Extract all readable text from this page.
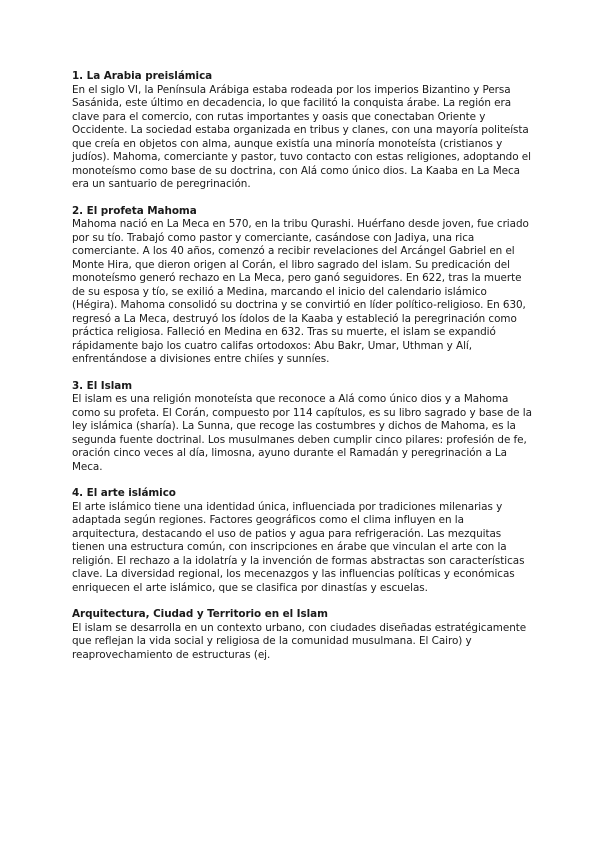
1. La Arabia preislámica

En el siglo VI, la Península Arábiga estaba rodeada por los imperios Bizantino y Persa Sasánida, este último en decadencia, lo que facilitó la conquista árabe. La región era clave para el comercio, con rutas importantes y oasis que conectaban Oriente y Occidente. La sociedad estaba organizada en tribus y clanes, con una mayoría politeísta que creía en objetos con alma, aunque existía una minoría monoteísta (cristianos y judíos). Mahoma, comerciante y pastor, tuvo contacto con estas religiones, adoptando el monoteísmo como base de su doctrina, con Alá como único dios. La Kaaba en La Meca era un santuario de peregrinación.

2. El profeta Mahoma

Mahoma nació en La Meca en 570, en la tribu Qurashi. Huérfano desde joven, fue criado por su tío. Trabajó como pastor y comerciante, casándose con Jadiya, una rica comerciante. A los 40 años, comenzó a recibir revelaciones del Arcángel Gabriel en el Monte Hira, que dieron origen al Corán, el libro sagrado del islam. Su predicación del monoteísmo generó rechazo en La Meca, pero ganó seguidores. En 622, tras la muerte de su esposa y tío, se exilió a Medina, marcando el inicio del calendario islámico (Hégira). Mahoma consolidó su doctrina y se convirtió en líder político-religioso. En 630, regresó a La Meca, destruyó los ídolos de la Kaaba y estableció la peregrinación como práctica religiosa. Falleció en Medina en 632. Tras su muerte, el islam se expandió rápidamente bajo los cuatro califas ortodoxos: Abu Bakr, Umar, Uthman y Alí, enfrentándose a divisiones entre chiíes y sunníes.

3. El Islam

El islam es una religión monoteísta que reconoce a Alá como único dios y a Mahoma como su profeta. El Corán, compuesto por 114 capítulos, es su libro sagrado y base de la ley islámica (sharía). La Sunna, que recoge las costumbres y dichos de Mahoma, es la segunda fuente doctrinal. Los musulmanes deben cumplir cinco pilares: profesión de fe, oración cinco veces al día, limosna, ayuno durante el Ramadán y peregrinación a La Meca.

4. El arte islámico

El arte islámico tiene una identidad única, influenciada por tradiciones milenarias y adaptada según regiones. Factores geográficos como el clima influyen en la arquitectura, destacando el uso de patios y agua para refrigeración. Las mezquitas tienen una estructura común, con inscripciones en árabe que vinculan el arte con la religión. El rechazo a la idolatría y la invención de formas abstractas son características clave. La diversidad regional, los mecenazgos y las influencias políticas y económicas enriquecen el arte islámico, que se clasifica por dinastías y escuelas.

Arquitectura, Ciudad y Territorio en el Islam

El islam se desarrolla en un contexto urbano, con ciudades diseñadas estratégicamente que reflejan la vida social y religiosa de la comunidad musulmana. El Cairo) y reaprovechamiento de estructuras (ej.
